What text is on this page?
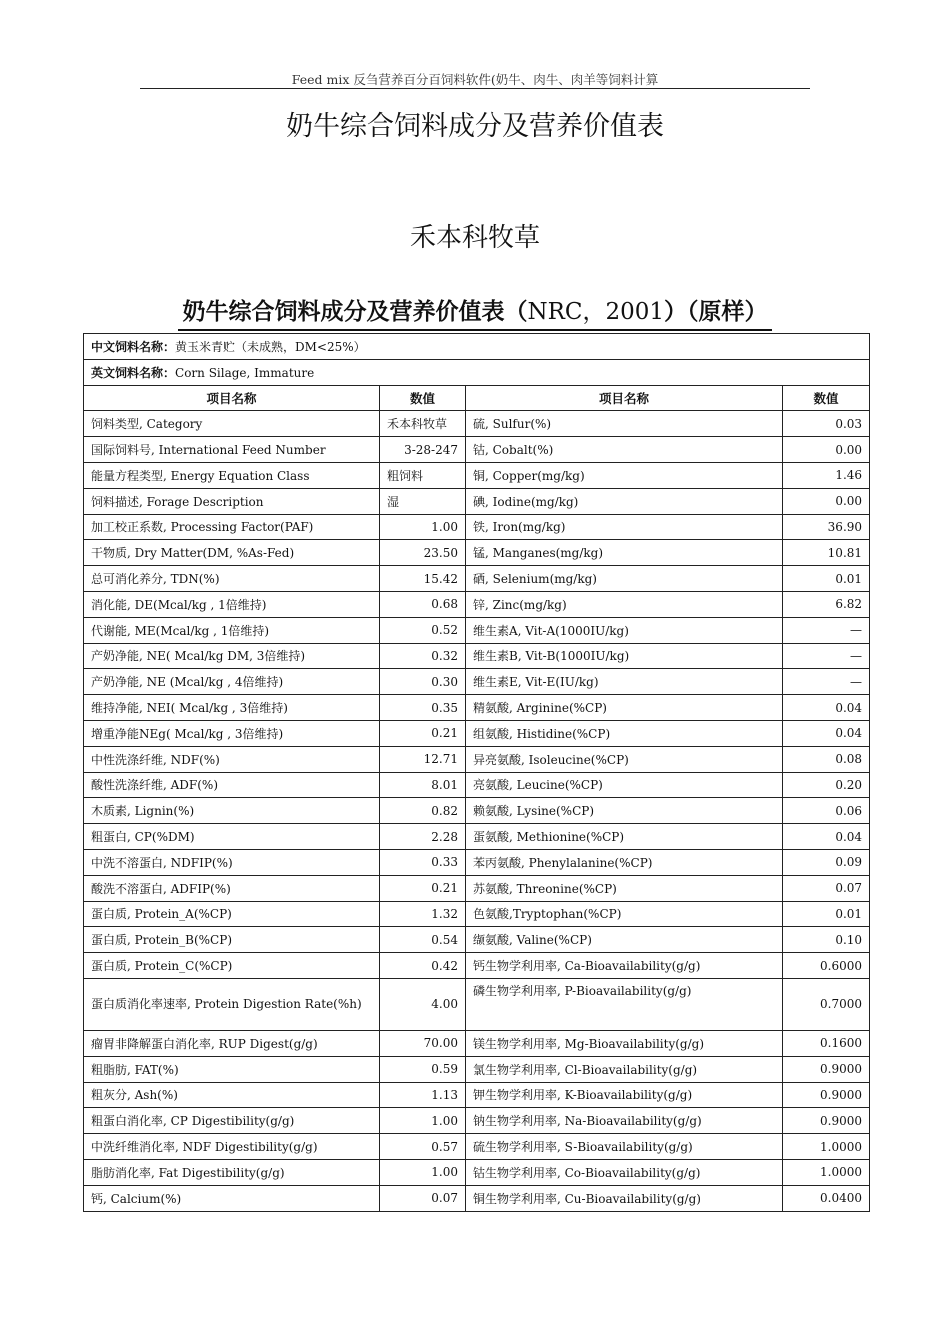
Feed mix 反刍营养百分百饲料软件(奶牛、肉牛、肉羊等饲料计算
奶牛综合饲料成分及营养价值表
禾本科牧草
奶牛综合饲料成分及营养价值表（NRC，2001）（原样）
中文饲料名称：黄玉米青贮（未成熟，DM<25%）			
英文饲料名称：Corn Silage, Immature			
项目名称	数值	项目名称	数值
饲料类型, Category	禾本科牧草	硫, Sulfur(%)	0.03
国际饲料号, International Feed Number	3-28-247	钴, Cobalt(%)	0.00
能量方程类型, Energy Equation Class	粗饲料	铜, Copper(mg/kg)	1.46
饲料描述, Forage Description	湿	碘, Iodine(mg/kg)	0.00
加工校正系数, Processing Factor(PAF)	1.00	铁, Iron(mg/kg)	36.90
干物质, Dry Matter(DM, %As-Fed)	23.50	锰, Manganes(mg/kg)	10.81
总可消化养分, TDN(%)	15.42	硒, Selenium(mg/kg)	0.01
消化能, DE(Mcal/kg , 1倍维持)	0.68	锌, Zinc(mg/kg)	6.82
代谢能, ME(Mcal/kg , 1倍维持)	0.52	维生素A, Vit-A(1000IU/kg)	—
产奶净能, NE( Mcal/kg DM, 3倍维持)	0.32	维生素B, Vit-B(1000IU/kg)	—
产奶净能, NE (Mcal/kg , 4倍维持)	0.30	维生素E, Vit-E(IU/kg)	—
维持净能, NEI( Mcal/kg , 3倍维持)	0.35	精氨酸, Arginine(%CP)	0.04
增重净能NEg( Mcal/kg , 3倍维持)	0.21	组氨酸, Histidine(%CP)	0.04
中性洗涤纤维, NDF(%)	12.71	异亮氨酸, Isoleucine(%CP)	0.08
酸性洗涤纤维, ADF(%)	8.01	亮氨酸, Leucine(%CP)	0.20
木质素, Lignin(%)	0.82	赖氨酸, Lysine(%CP)	0.06
粗蛋白, CP(%DM)	2.28	蛋氨酸, Methionine(%CP)	0.04
中洗不溶蛋白, NDFIP(%)	0.33	苯丙氨酸, Phenylalanine(%CP)	0.09
酸洗不溶蛋白, ADFIP(%)	0.21	苏氨酸, Threonine(%CP)	0.07
蛋白质, Protein_A(%CP)	1.32	色氨酸,Tryptophan(%CP)	0.01
蛋白质, Protein_B(%CP)	0.54	缬氨酸, Valine(%CP)	0.10
蛋白质, Protein_C(%CP)	0.42	钙生物学利用率, Ca-Bioavailability(g/g)	0.6000
蛋白质消化率速率, Protein Digestion Rate(%h)	4.00	磷生物学利用率, P-Bioavailability(g/g)	0.7000
瘤胃非降解蛋白消化率, RUP Digest(g/g)	70.00	镁生物学利用率, Mg-Bioavailability(g/g)	0.1600
粗脂肪, FAT(%)	0.59	氯生物学利用率, Cl-Bioavailability(g/g)	0.9000
粗灰分, Ash(%)	1.13	钾生物学利用率, K-Bioavailability(g/g)	0.9000
粗蛋白消化率, CP Digestibility(g/g)	1.00	钠生物学利用率, Na-Bioavailability(g/g)	0.9000
中洗纤维消化率, NDF Digestibility(g/g)	0.57	硫生物学利用率, S-Bioavailability(g/g)	1.0000
脂肪消化率, Fat Digestibility(g/g)	1.00	钴生物学利用率, Co-Bioavailability(g/g)	1.0000
钙, Calcium(%)	0.07	铜生物学利用率, Cu-Bioavailability(g/g)	0.0400
